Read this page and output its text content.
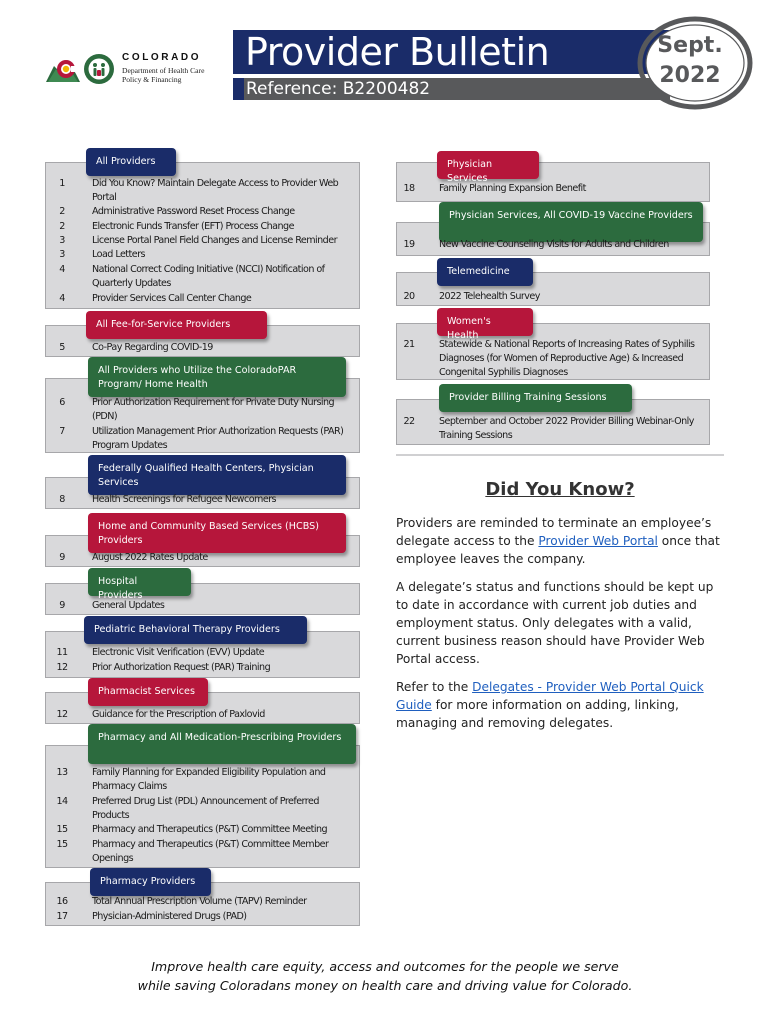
COLORADO
Department of Health Care
Policy & Financing
Provider Bulletin
Reference: B2200482
Sept.
2022
All Providers
1	Did You Know? Maintain Delegate Access to Provider Web
Portal
2	Administrative Password Reset Process Change
2	Electronic Funds Transfer (EFT) Process Change
3	License Portal Panel Field Changes and License Reminder
3	Load Letters
4	National Correct Coding Initiative (NCCI) Notification of
Quarterly Updates
4	Provider Services Call Center Change
All Fee-for-Service Providers
5	Co-Pay Regarding COVID-19
All Providers who Utilize the ColoradoPAR Program/ Home Health
6	Prior Authorization Requirement for Private Duty Nursing
(PDN)
7	Utilization Management Prior Authorization Requests (PAR)
Program Updates
Federally Qualified Health Centers, Physician Services
8	Health Screenings for Refugee Newcomers
Home and Community Based Services (HCBS) Providers
9	August 2022 Rates Update
Hospital Providers
9	General Updates
Pediatric Behavioral Therapy Providers
11	Electronic Visit Verification (EVV) Update
12	Prior Authorization Request (PAR) Training
Pharmacist Services
12	Guidance for the Prescription of Paxlovid
Pharmacy and All Medication-Prescribing Providers
13	Family Planning for Expanded Eligibility Population and
Pharmacy Claims
14	Preferred Drug List (PDL) Announcement of Preferred
Products
15	Pharmacy and Therapeutics (P&T) Committee Meeting
15	Pharmacy and Therapeutics (P&T) Committee Member
Openings
Pharmacy Providers
16	Total Annual Prescription Volume (TAPV) Reminder
17	Physician-Administered Drugs (PAD)
Physician Services
18	Family Planning Expansion Benefit
Physician Services, All COVID-19 Vaccine Providers
19	New Vaccine Counseling Visits for Adults and Children
Telemedicine
20	2022 Telehealth Survey
Women's Health
21	Statewide & National Reports of Increasing Rates of Syphilis
Diagnoses (for Women of Reproductive Age) & Increased
Congenital Syphilis Diagnoses
Provider Billing Training Sessions
22	September and October 2022 Provider Billing Webinar-Only
Training Sessions
Did You Know?
Providers are reminded to terminate an employee’s delegate access to the Provider Web Portal once that employee leaves the company.
A delegate’s status and functions should be kept up to date in accordance with current job duties and employment status. Only delegates with a valid, current business reason should have Provider Web Portal access.
Refer to the Delegates - Provider Web Portal Quick Guide for more information on adding, linking, managing and removing delegates.
Improve health care equity, access and outcomes for the people we serve
while saving Coloradans money on health care and driving value for Colorado.
